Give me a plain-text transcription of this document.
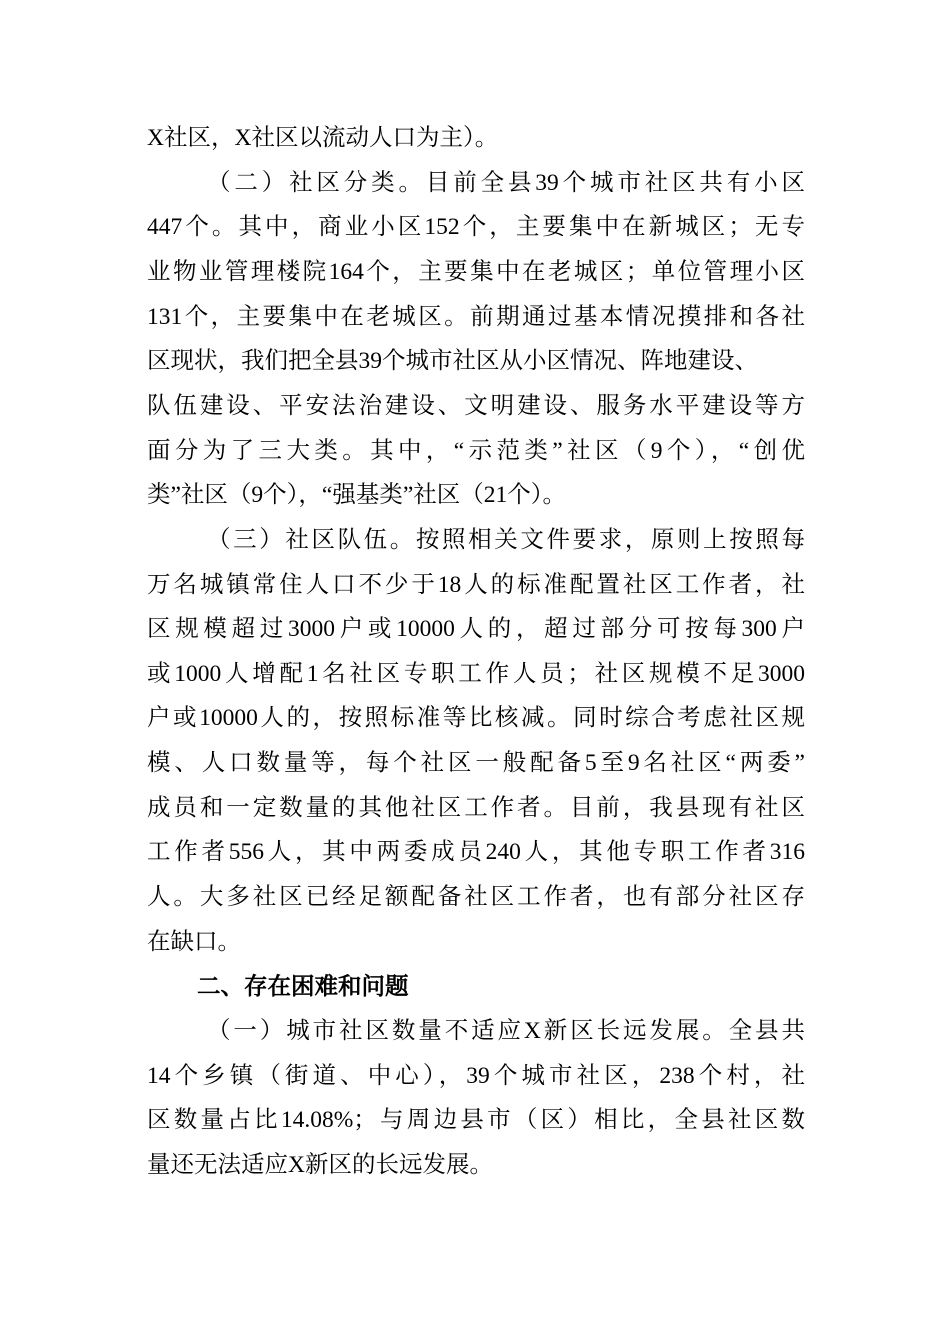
X社区，X社区以流动人口为主）。
（二）社区分类。目前全县39个城市社区共有小区
447个。其中，商业小区152个，主要集中在新城区；无专
业物业管理楼院164个，主要集中在老城区；单位管理小区
131个，主要集中在老城区。前期通过基本情况摸排和各社
区现状，我们把全县39个城市社区从小区情况、阵地建设、
队伍建设、平安法治建设、文明建设、服务水平建设等方
面分为了三大类。其中，“示范类”社区（9个），“创优
类”社区（9个），“强基类”社区（21个）。
（三）社区队伍。按照相关文件要求，原则上按照每
万名城镇常住人口不少于18人的标准配置社区工作者，社
区规模超过3000户或10000人的，超过部分可按每300户
或1000人增配1名社区专职工作人员；社区规模不足3000
户或10000人的，按照标准等比核减。同时综合考虑社区规
模、人口数量等，每个社区一般配备5至9名社区“两委”
成员和一定数量的其他社区工作者。目前，我县现有社区
工作者556人，其中两委成员240人，其他专职工作者316
人。大多社区已经足额配备社区工作者，也有部分社区存
在缺口。
二、存在困难和问题
（一）城市社区数量不适应X新区长远发展。全县共
14个乡镇（街道、中心），39个城市社区，238个村，社
区数量占比14.08%；与周边县市（区）相比，全县社区数
量还无法适应X新区的长远发展。
